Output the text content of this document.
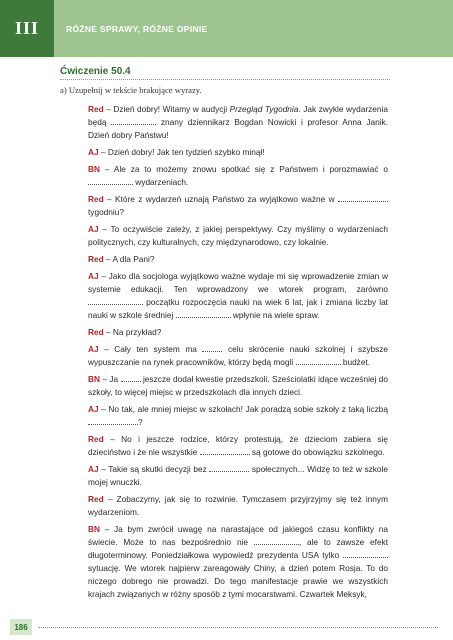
III	RÓŻNE SPRAWY, RÓŻNE OPINIE
Ćwiczenie 50.4
a) Uzupełnij w tekście brakujące wyrazy.

Red – Dzień dobry! Witamy w audycji Przegląd Tygodnia. Jak zwykle wydarzenia będą	znany dziennikarz Bogdan Nowicki i profesor Anna Janik. Dzień dobry Państwu!

AJ – Dzień dobry! Jak ten tydzień szybko minął!

BN – Ale za to możemy znowu spotkać się z Państwem i porozmawiać o  wydarzeniach.

Red – Które z wydarzeń uznają Państwo za wyjątkowo ważne w  tygodniu?

AJ – To oczywiście zależy, z jakiej perspektywy. Czy myślimy o wydarzeniach politycznych, czy kulturalnych, czy międzynarodowo, czy lokalnie.

Red – A dla Pani?

AJ – Jako dla socjologa wyjątkowo ważne wydaje mi się wprowadzenie zmian w systemie edukacji. Ten wprowadzony we wtorek program, zarówno  początku rozpoczęcia nauki na wiek 6 lat, jak i zmiana liczby lat nauki w szkole średniej	wpłynie na wiele spraw.

Red – Na przykład?

AJ – Cały ten system ma  celu skrócenie nauki szkolnej i szybsze wypuszczanie na rynek pracowników, którzy będą mogli	budżet.

BN – Ja  jeszcze dodał kwestie przedszkoli. Sześciolatki idące wcześniej do szkoły, to więcej miejsc w przedszkolach dla innych dzieci.

AJ – No tak, ale mniej miejsc w szkołach! Jak poradzą sobie szkoły z taką liczbą ?

Red – No i jeszcze rodzice, którzy protestują, że dzieciom zabiera się dzieciństwo i że nie wszystkie	są gotowe do obowiązku szkolnego.

AJ – Takie są skutki decyzji bez	społecznych... Widzę to też w szkole mojej wnuczki.

Red – Zobaczymy, jak się to rozwinie. Tymczasem przyjrzyjmy się też innym wydarzeniom.

BN – Ja bym zwrócił uwagę na narastające od jakiegoś czasu konflikty na świecie. Może to nas bezpośrednio nie	, ale to zawsze efekt długoterminowy. Poniedziałkowa wypowiedź prezydenta USA tylko  sytuację. We wtorek najpierw zareagowały Chiny, a dzień potem Rosja. To do niczego dobrego nie prowadzi. Do tego manifestacje prawie we wszystkich krajach związanych w różny sposób z tymi mocarstwami. Czwartek Meksyk,

186
